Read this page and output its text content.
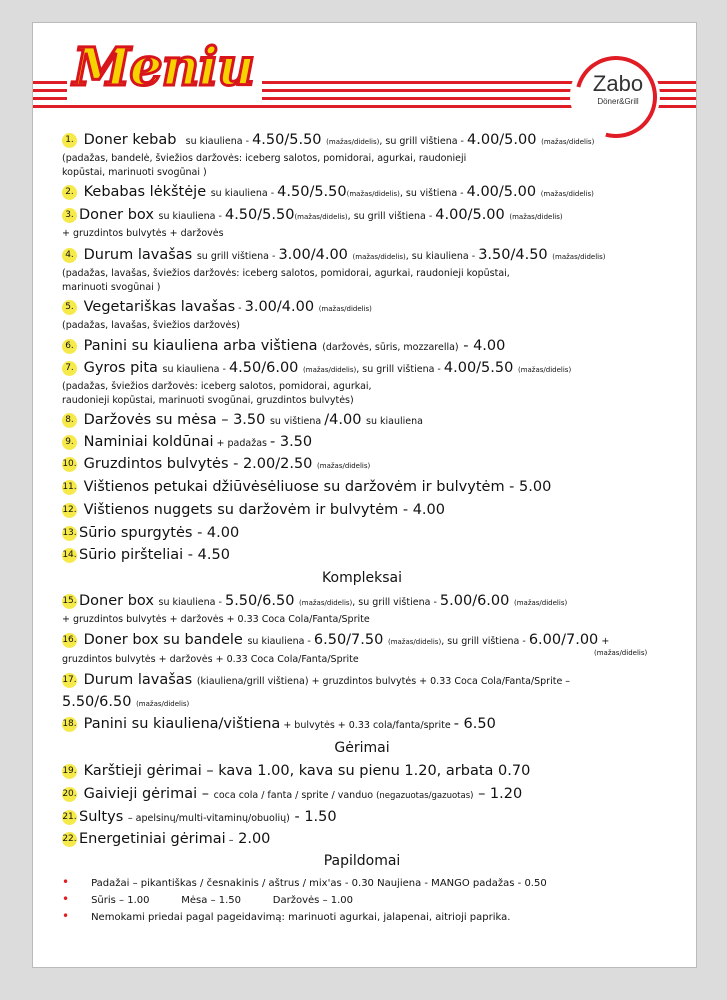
Meniu	Zabo
Döner&Grill
1. Doner kebab su kiauliena - 4.50/5.50 (mažas/didelis), su grill vištiena - 4.00/5.00 (mažas/didelis)
(padažas, bandelė, šviežios daržovės: iceberg salotos, pomidorai, agurkai, raudonieji
kopūstai, marinuoti svogūnai )
2. Kebabas lėkštėje su kiauliena - 4.50/5.50(mažas/didelis), su vištiena - 4.00/5.00 (mažas/didelis)
3. Doner box su kiauliena - 4.50/5.50(mažas/didelis), su grill vištiena - 4.00/5.00 (mažas/didelis)
+ gruzdintos bulvytės + daržovės
4. Durum lavašas su grill vištiena - 3.00/4.00 (mažas/didelis), su kiauliena - 3.50/4.50 (mažas/didelis)
(padažas, lavašas, šviežios daržovės: iceberg salotos, pomidorai, agurkai, raudonieji kopūstai,
marinuoti svogūnai )
5. Vegetariškas lavašas - 3.00/4.00 (mažas/didelis)
(padažas, lavašas, šviežios daržovės)
6. Panini su kiauliena arba vištiena (daržovės, sūris, mozzarella) - 4.00
7. Gyros pita su kiauliena - 4.50/6.00 (mažas/didelis), su grill vištiena - 4.00/5.50 (mažas/didelis)
(padažas, šviežios daržovės: iceberg salotos, pomidorai, agurkai,
raudonieji kopūstai, marinuoti svogūnai, gruzdintos bulvytės)
8. Daržovės su mėsa – 3.50 su vištiena /4.00 su kiauliena
9. Naminiai koldūnai + padažas - 3.50
10. Gruzdintos bulvytės - 2.00/2.50 (mažas/didelis)
11. Vištienos petukai džiūvėsėliuose su daržovėm ir bulvytėm - 5.00
12. Vištienos nuggets su daržovėm ir bulvytėm - 4.00
13. Sūrio spurgytės - 4.00
14. Sūrio piršteliai - 4.50
Kompleksai
15. Doner box su kiauliena - 5.50/6.50 (mažas/didelis), su grill vištiena - 5.00/6.00 (mažas/didelis)
+ gruzdintos bulvytės + daržovės + 0.33 Coca Cola/Fanta/Sprite
16. Doner box su bandele su kiauliena - 6.50/7.50 (mažas/didelis), su grill vištiena - 6.00/7.00 +
(mažas/didelis)
gruzdintos bulvytės + daržovės + 0.33 Coca Cola/Fanta/Sprite
17. Durum lavašas (kiauliena/grill vištiena) + gruzdintos bulvytės + 0.33 Coca Cola/Fanta/Sprite –
5.50/6.50 (mažas/didelis)
18. Panini su kiauliena/vištiena + bulvytės + 0.33 cola/fanta/sprite - 6.50
Gėrimai
19. Karštieji gėrimai – kava 1.00, kava su pienu 1.20, arbata 0.70
20. Gaivieji gėrimai – coca cola / fanta / sprite / vanduo (negazuotas/gazuotas) – 1.20
21. Sultys – apelsinų/multi-vitaminų/obuolių) - 1.50
22. Energetiniai gėrimai – 2.00
Papildomai
• Padažai – pikantiškas / česnakinis / aštrus / mix'as - 0.30 Naujiena - MANGO padažas - 0.50
• Sūris – 1.00          Mėsa – 1.50          Daržovės – 1.00
• Nemokami priedai pagal pageidavimą: marinuoti agurkai, jalapenai, aitrioji paprika.
